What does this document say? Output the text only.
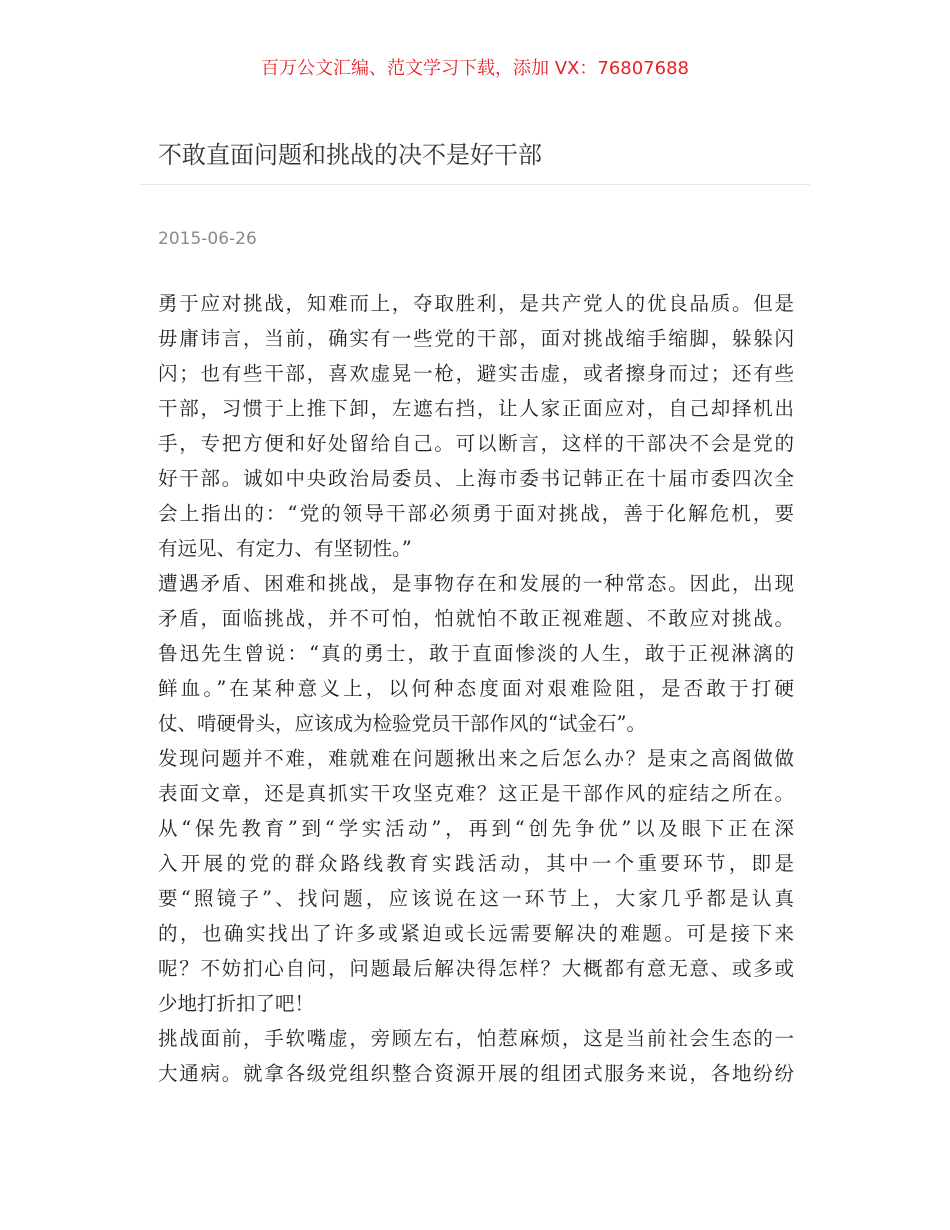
百万公文汇编、范文学习下载，添加 VX：76807688
不敢直面问题和挑战的决不是好干部
2015-06-26
勇于应对挑战，知难而上，夺取胜利，是共产党人的优良品质。但是
毋庸讳言，当前，确实有一些党的干部，面对挑战缩手缩脚，躲躲闪
闪；也有些干部，喜欢虚晃一枪，避实击虚，或者擦身而过；还有些
干部，习惯于上推下卸，左遮右挡，让人家正面应对，自己却择机出
手，专把方便和好处留给自己。可以断言，这样的干部决不会是党的
好干部。诚如中央政治局委员、上海市委书记韩正在十届市委四次全
会上指出的：“党的领导干部必须勇于面对挑战，善于化解危机，要
有远见、有定力、有坚韧性。”
遭遇矛盾、困难和挑战，是事物存在和发展的一种常态。因此，出现
矛盾，面临挑战，并不可怕，怕就怕不敢正视难题、不敢应对挑战。
鲁迅先生曾说：“真的勇士，敢于直面惨淡的人生，敢于正视淋漓的
鲜血。”在某种意义上，以何种态度面对艰难险阻，是否敢于打硬
仗、啃硬骨头，应该成为检验党员干部作风的“试金石”。
发现问题并不难，难就难在问题揪出来之后怎么办？是束之高阁做做
表面文章，还是真抓实干攻坚克难？这正是干部作风的症结之所在。
从“保先教育”到“学实活动”，再到“创先争优”以及眼下正在深
入开展的党的群众路线教育实践活动，其中一个重要环节，即是
要“照镜子”、找问题，应该说在这一环节上，大家几乎都是认真
的，也确实找出了许多或紧迫或长远需要解决的难题。可是接下来
呢？不妨扪心自问，问题最后解决得怎样？大概都有意无意、或多或
少地打折扣了吧！
挑战面前，手软嘴虚，旁顾左右，怕惹麻烦，这是当前社会生态的一
大通病。就拿各级党组织整合资源开展的组团式服务来说，各地纷纷
